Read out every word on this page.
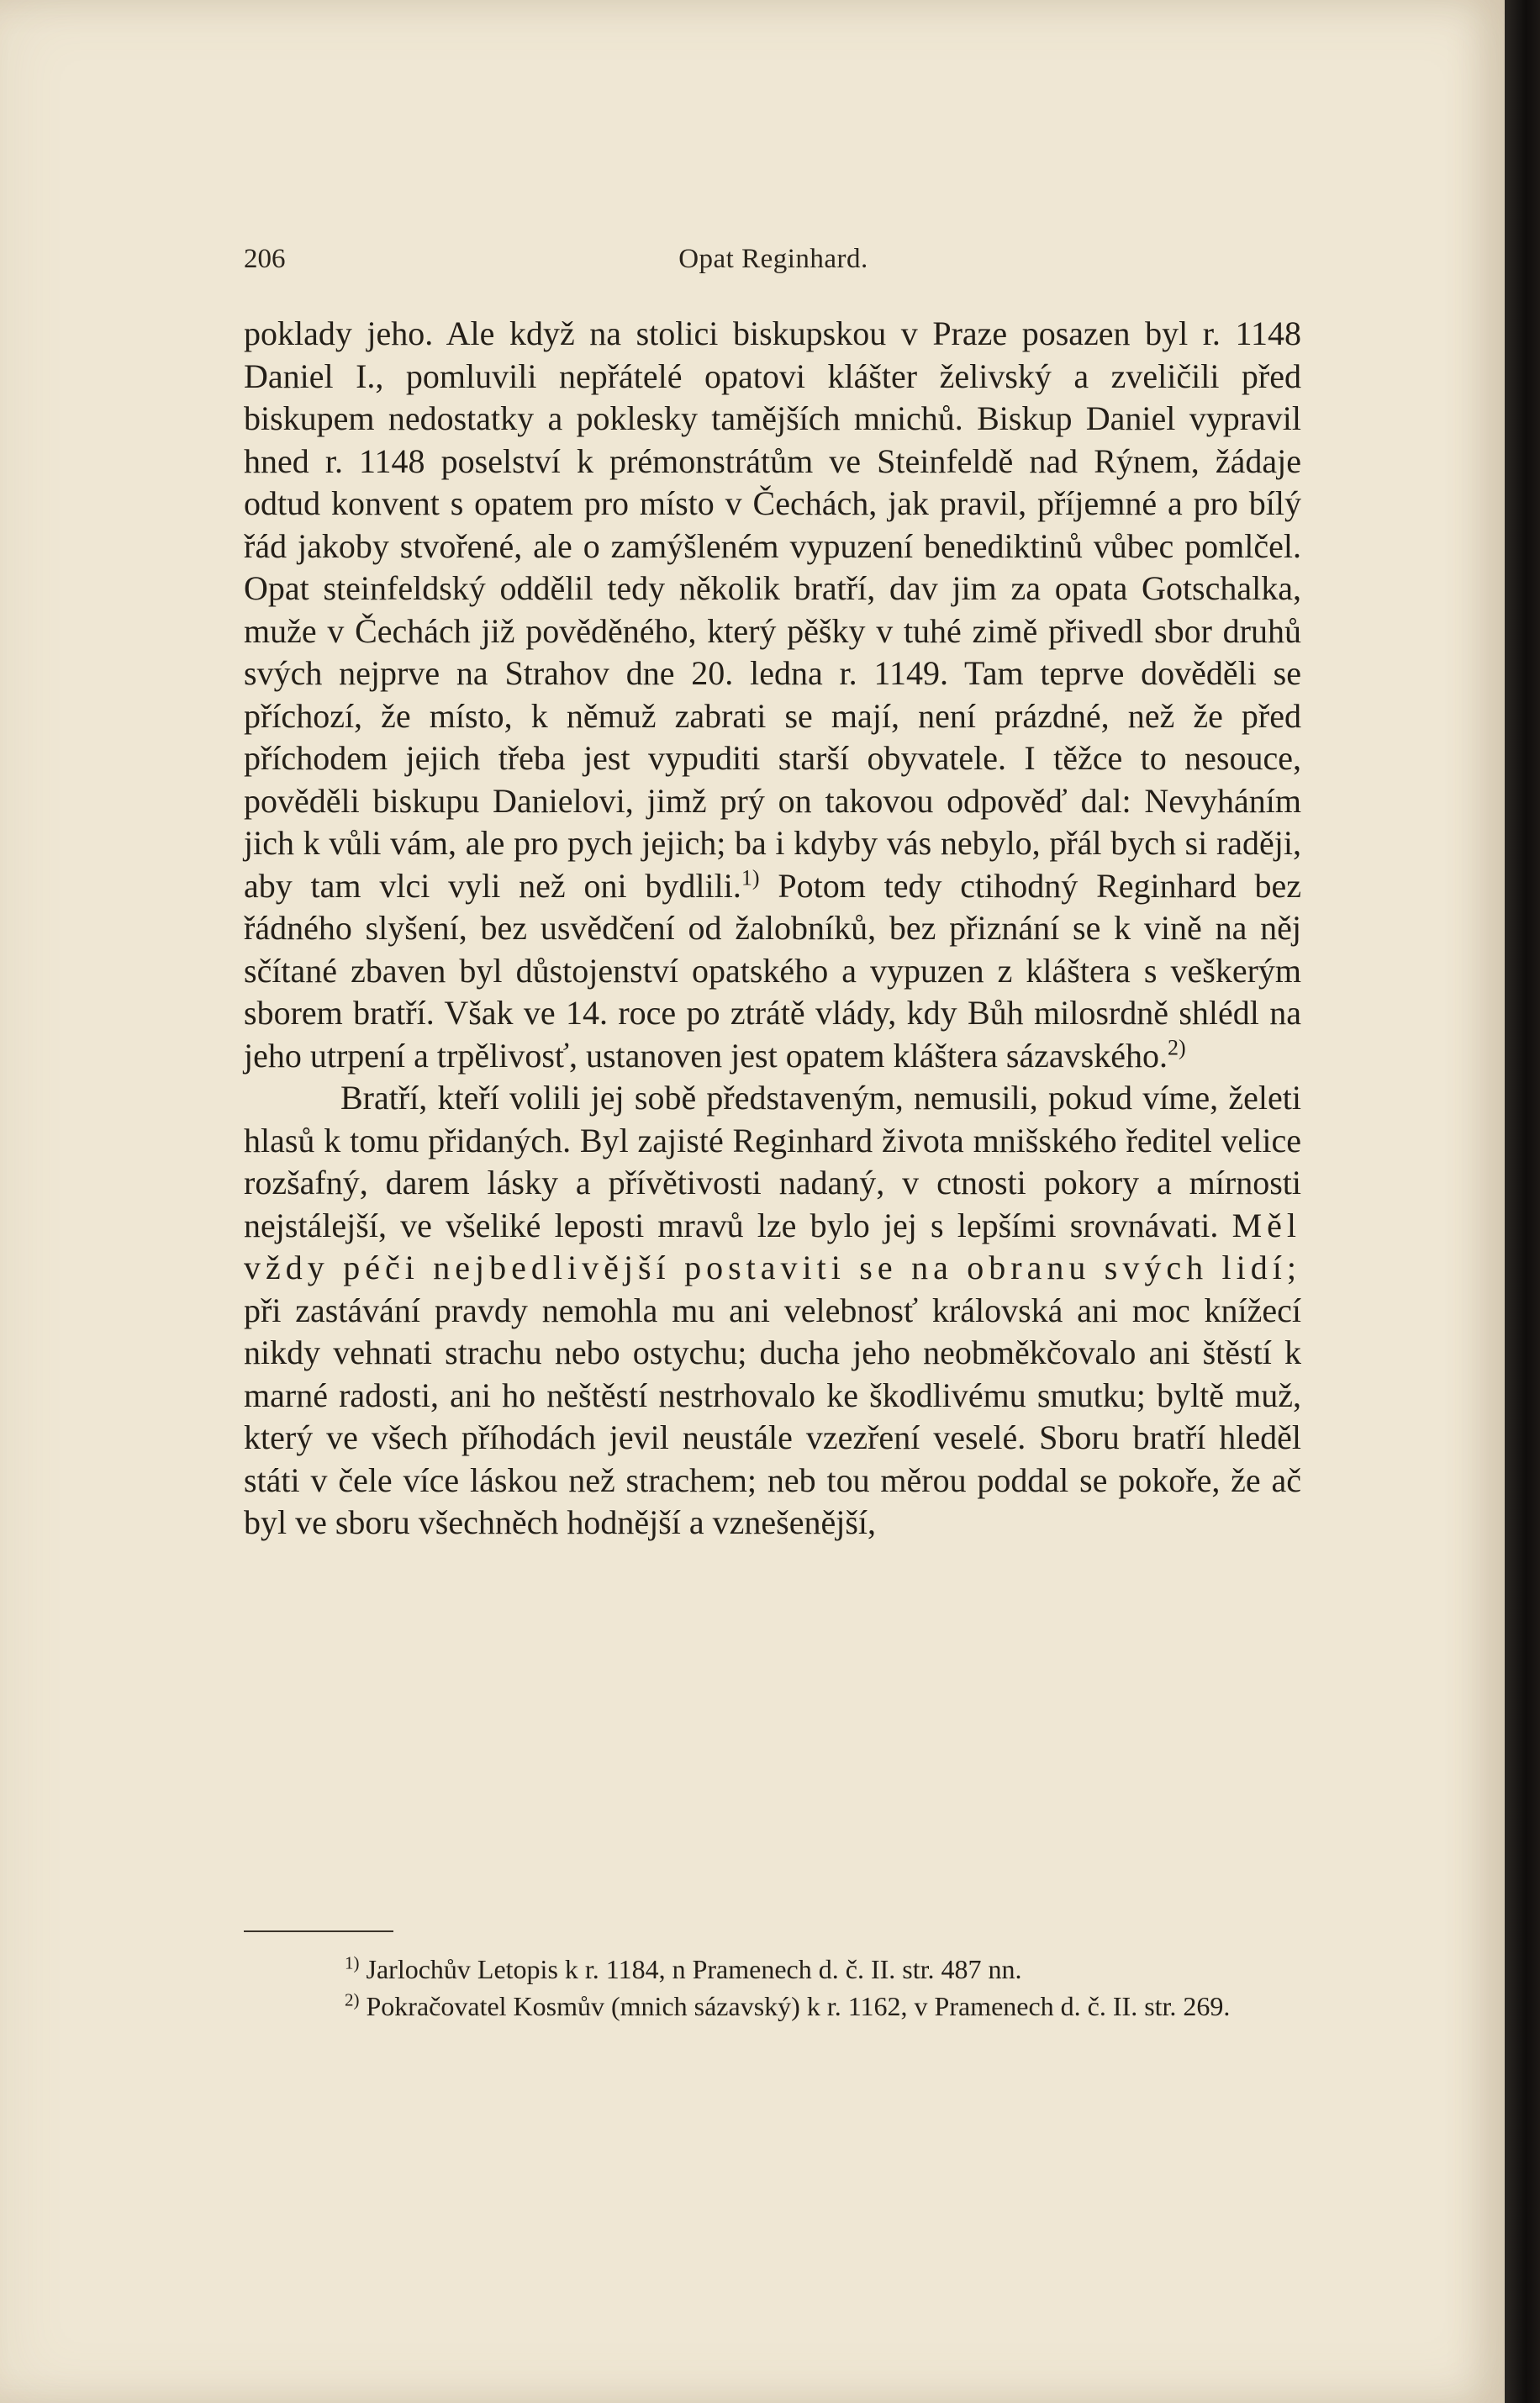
206	Opat Reginhard.

poklady jeho. Ale když na stolici biskupskou v Praze posazen byl r. 1148 Daniel I., pomluvili nepřátelé opatovi klášter želivský a zveličili před biskupem nedostatky a poklesky tamějších mnichů. Biskup Daniel vypravil hned r. 1148 poselství k prémonstrátům ve Steinfeldě nad Rýnem, žádaje odtud konvent s opatem pro místo v Čechách, jak pravil, příjemné a pro bílý řád jakoby stvořené, ale o zamýšleném vypuzení benediktinů vůbec pomlčel. Opat steinfeldský oddělil tedy několik bratří, dav jim za opata Gotschalka, muže v Čechách již pověděného, který pěšky v tuhé zimě přivedl sbor druhů svých nejprve na Strahov dne 20. ledna r. 1149. Tam teprve dověděli se příchozí, že místo, k němuž zabrati se mají, není prázdné, než že před příchodem jejich třeba jest vypuditi starší obyvatele. I těžce to nesouce, pověděli biskupu Danielovi, jimž prý on takovou odpověď dal: Nevyháním jich k vůli vám, ale pro pych jejich; ba i kdyby vás nebylo, přál bych si raději, aby tam vlci vyli než oni bydlili.$^{1)}$ Potom tedy ctihodný Reginhard bez řádného slyšení, bez usvědčení od žalobníků, bez přiznání se k vině na něj sčítané zbaven byl důstojenství opatského a vypuzen z kláštera s veškerým sborem bratří. Však ve 14. roce po ztrátě vlády, kdy Bůh milosrdně shlédl na jeho utrpení a trpělivosť, ustanoven jest opatem kláštera sázavského.$^{2)}$

Bratří, kteří volili jej sobě představeným, nemusili, pokud víme, želeti hlasů k tomu přidaných. Byl zajisté Reginhard života mnišského ředitel velice rozšafný, darem lásky a přívětivosti nadaný, v ctnosti pokory a mírnosti nejstálejší, ve všeliké leposti mravů lze bylo jej s lepšími srovnávati. Měl vždy péči nejbedlivější postaviti se na obranu svých lidí; při zastávání pravdy nemohla mu ani velebnosť královská ani moc knížecí nikdy vehnati strachu nebo ostychu; ducha jeho neobměkčovalo ani štěstí k marné radosti, ani ho neštěstí nestrhovalo ke škodlivému smutku; byltě muž, který ve všech příhodách jevil neustále vzezření veselé. Sboru bratří hleděl státi v čele více láskou než strachem; neb tou měrou poddal se pokoře, že ač byl ve sboru všechněch hodnější a vznešenější,

$^{1)}$ Jarlochův Letopis k r. 1184, n Pramenech d. č. II. str. 487 nn.

$^{2)}$ Pokračovatel Kosmův (mnich sázavský) k r. 1162, v Pramenech d. č. II. str. 269.
